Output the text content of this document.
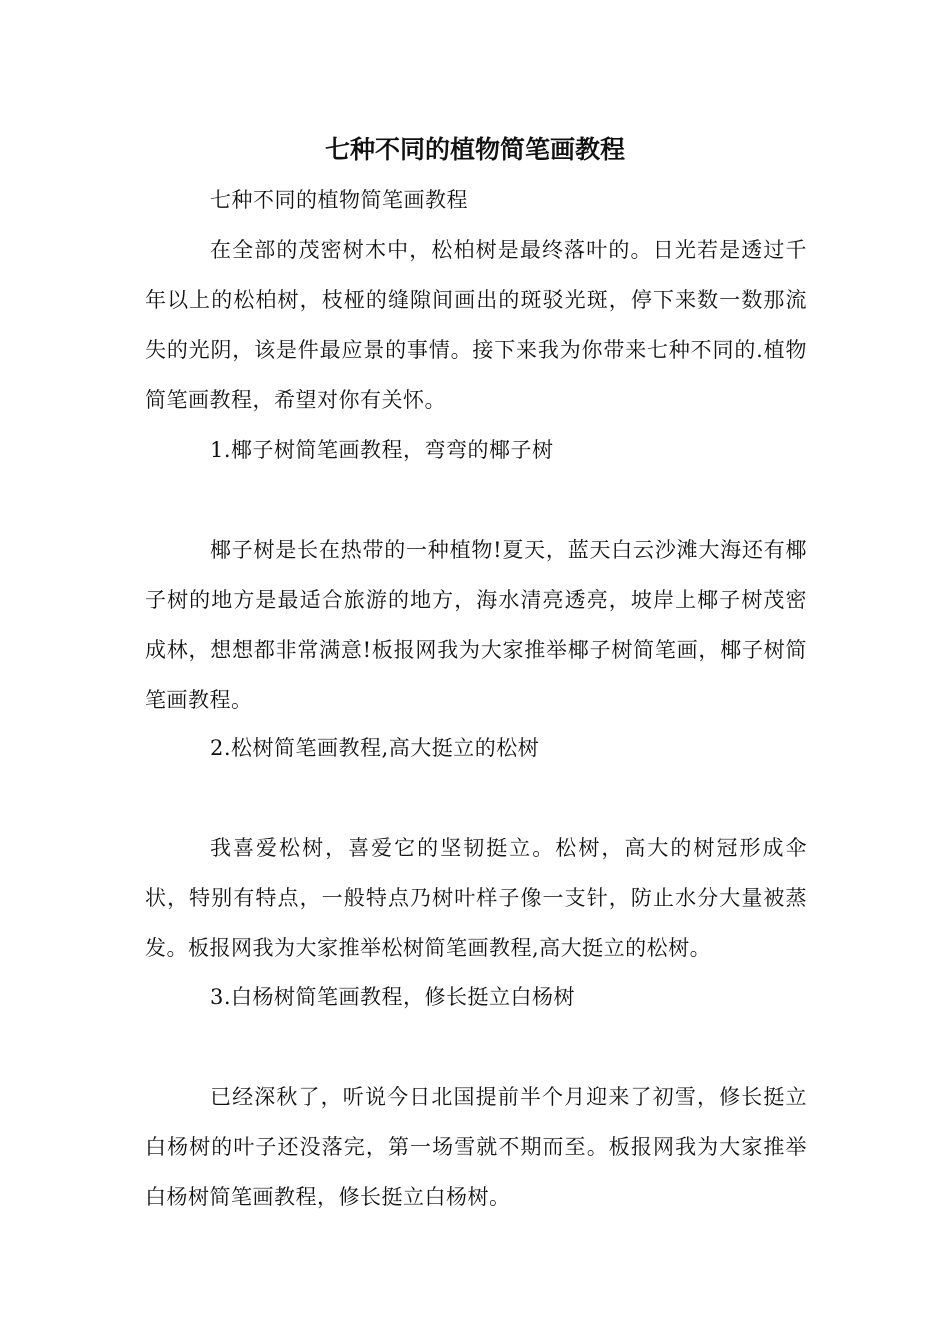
七种不同的植物简笔画教程

七种不同的植物简笔画教程

在全部的茂密树木中，松柏树是最终落叶的。日光若是透过千年以上的松柏树，枝桠的缝隙间画出的斑驳光斑，停下来数一数那流失的光阴，该是件最应景的事情。接下来我为你带来七种不同的.植物简笔画教程，希望对你有关怀。

1.椰子树简笔画教程，弯弯的椰子树

椰子树是长在热带的一种植物!夏天，蓝天白云沙滩大海还有椰子树的地方是最适合旅游的地方，海水清亮透亮，坡岸上椰子树茂密成林，想想都非常满意!板报网我为大家推举椰子树简笔画，椰子树简笔画教程。

2.松树简笔画教程,高大挺立的松树

我喜爱松树，喜爱它的坚韧挺立。松树，高大的树冠形成伞状，特别有特点，一般特点乃树叶样子像一支针，防止水分大量被蒸发。板报网我为大家推举松树简笔画教程,高大挺立的松树。

3.白杨树简笔画教程，修长挺立白杨树

已经深秋了，听说今日北国提前半个月迎来了初雪，修长挺立白杨树的叶子还没落完，第一场雪就不期而至。板报网我为大家推举白杨树简笔画教程，修长挺立白杨树。
